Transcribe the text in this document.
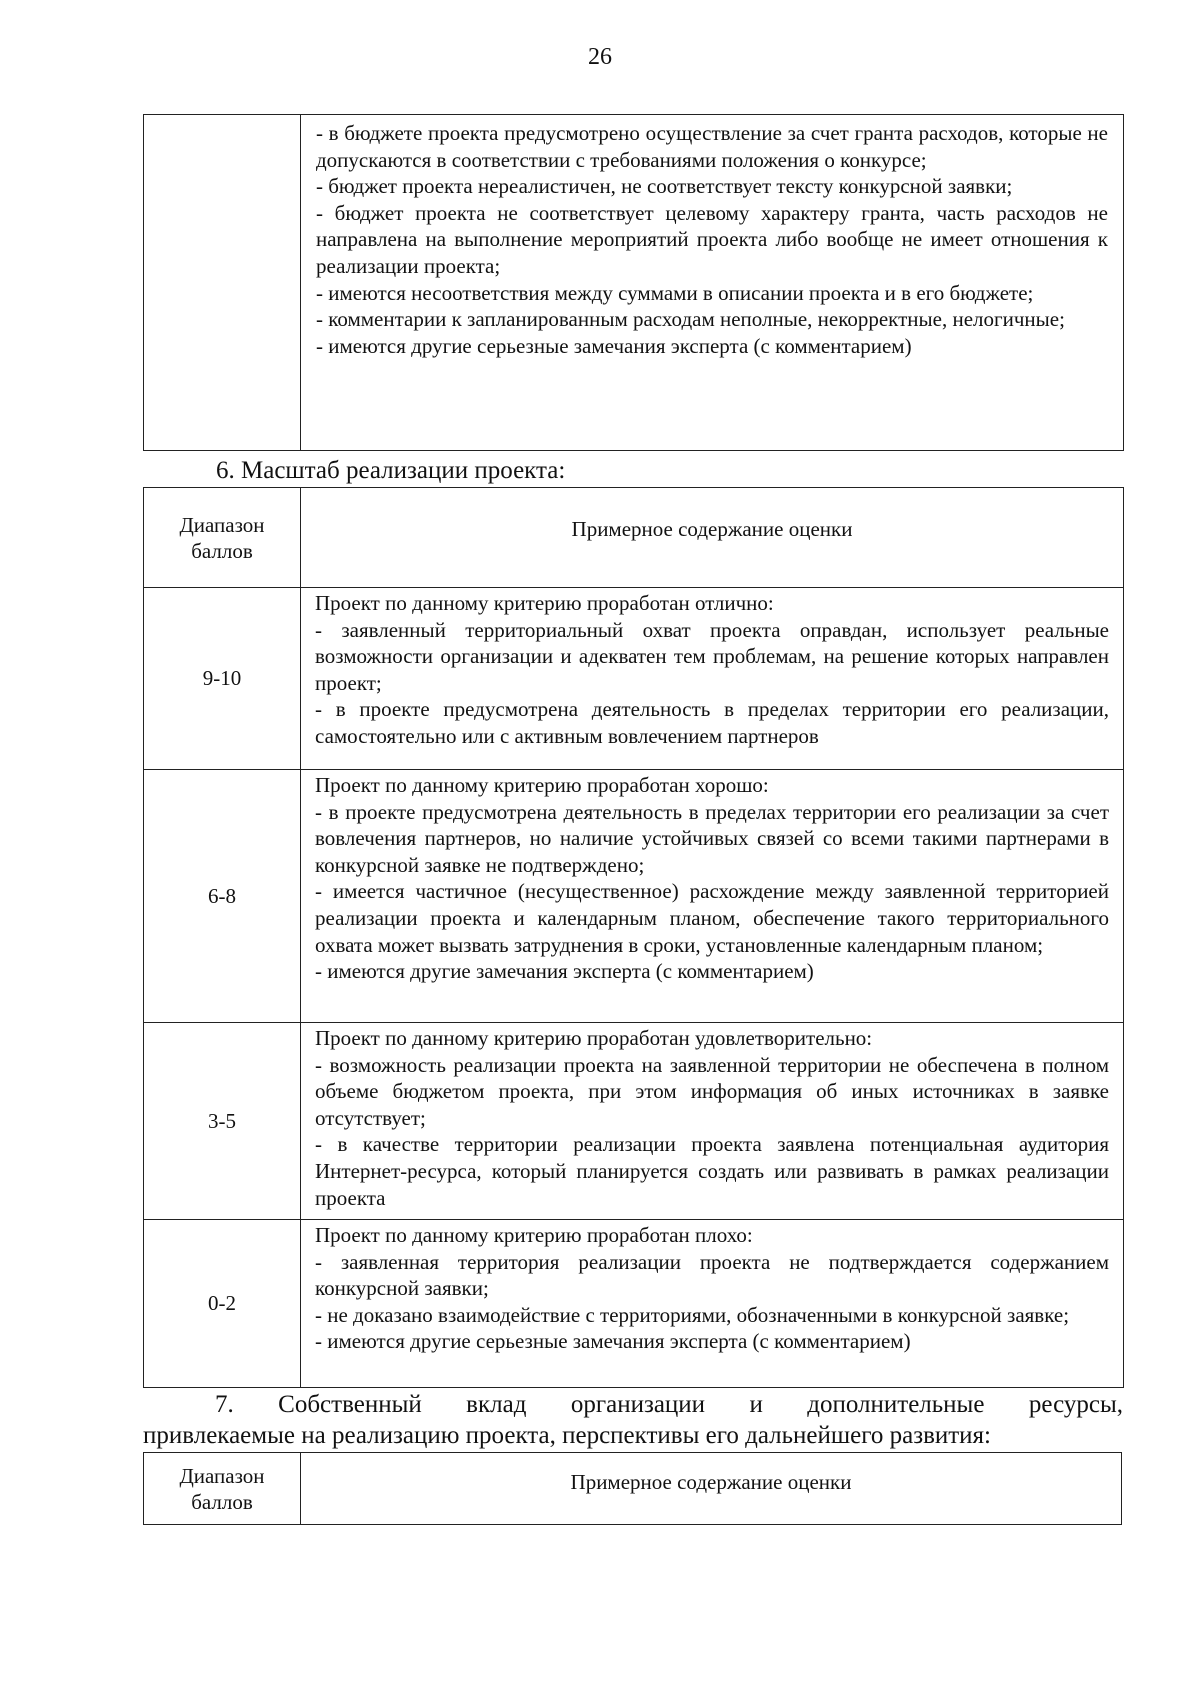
26

- в бюджете проекта предусмотрено осуществление за счет гранта расходов, которые не допускаются в соответствии с требованиями положения о конкурсе;
- бюджет проекта нереалистичен, не соответствует тексту конкурсной заявки;
- бюджет проекта не соответствует целевому характеру гранта, часть расходов не направлена на выполнение мероприятий проекта либо вообще не имеет отношения к реализации проекта;
- имеются несоответствия между суммами в описании проекта и в его бюджете;
- комментарии к запланированным расходам неполные, некорректные, нелогичные;
- имеются другие серьезные замечания эксперта (с комментарием)
6. Масштаб реализации проекта:
Диапазон баллов	Примерное содержание оценки
9-10	Проект по данному критерию проработан отлично:
- заявленный территориальный охват проекта оправдан, использует реальные возможности организации и адекватен тем проблемам, на решение которых направлен проект;
- в проекте предусмотрена деятельность в пределах территории его реализации, самостоятельно или с активным вовлечением партнеров

6-8	Проект по данному критерию проработан хорошо:
- в проекте предусмотрена деятельность в пределах территории его реализации за счет вовлечения партнеров, но наличие устойчивых связей со всеми такими партнерами в конкурсной заявке не подтверждено;
- имеется частичное (несущественное) расхождение между заявленной территорией реализации проекта и календарным планом, обеспечение такого территориального охвата может вызвать затруднения в сроки, установленные календарным планом;
- имеются другие замечания эксперта (с комментарием)

3-5	Проект по данному критерию проработан удовлетворительно:
- возможность реализации проекта на заявленной территории не обеспечена в полном объеме бюджетом проекта, при этом информация об иных источниках в заявке отсутствует;
- в качестве территории реализации проекта заявлена потенциальная аудитория Интернет-ресурса, который планируется создать или развивать в рамках реализации проекта

0-2	Проект по данному критерию проработан плохо:
- заявленная территория реализации проекта не подтверждается содержанием конкурсной заявки;
- не доказано взаимодействие с территориями, обозначенными в конкурсной заявке;
- имеются другие серьезные замечания эксперта (с комментарием)
7. Собственный вклад организации и дополнительные ресурсы,
привлекаемые на реализацию проекта, перспективы его дальнейшего развития:
Диапазон баллов	Примерное содержание оценки
